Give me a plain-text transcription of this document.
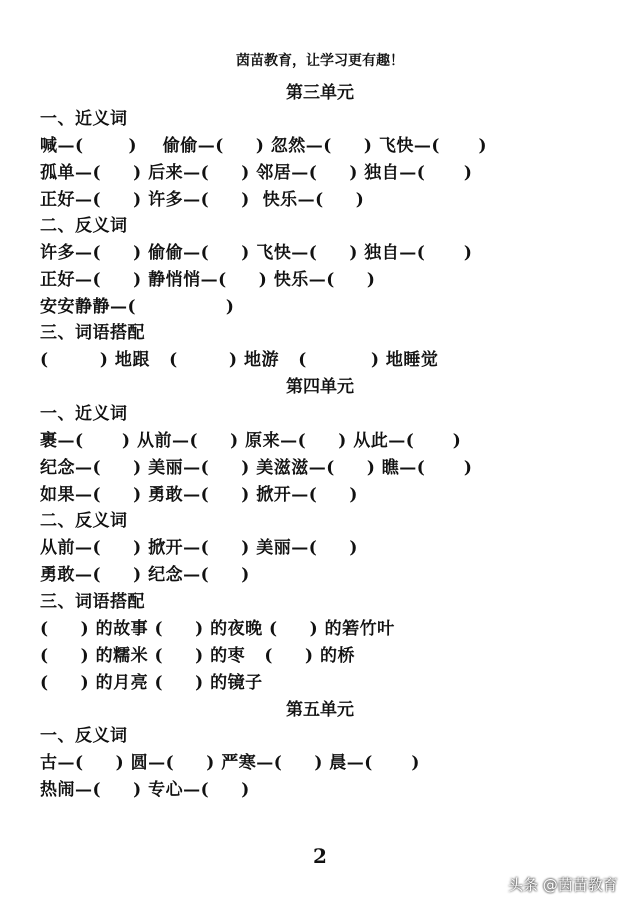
茵苗教育，让学习更有趣！
第三单元
一、近义词
喊—(       )    偷偷—(     ) 忽然—(     ) 飞快—(      )
孤单—(     ) 后来—(     ) 邻居—(     ) 独自—(      )
正好—(     ) 许多—(     )  快乐—(     )
二、反义词
许多—(     ) 偷偷—(     ) 飞快—(     ) 独自—(      )
正好—(     ) 静悄悄—(     ) 快乐—(     )
安安静静—(              )
三、词语搭配
(        ) 地跟   (        ) 地游   (          ) 地睡觉
第四单元
一、近义词
裹—(      ) 从前—(     ) 原来—(     ) 从此—(      )
纪念—(     ) 美丽—(     ) 美滋滋—(     ) 瞧—(      )
如果—(     ) 勇敢—(     ) 掀开—(     )
二、反义词
从前—(     ) 掀开—(     ) 美丽—(     )
勇敢—(     ) 纪念—(     )
三、词语搭配
(     ) 的故事 (     ) 的夜晚 (     ) 的箬竹叶
(     ) 的糯米 (     ) 的枣   (     ) 的桥
(     ) 的月亮 (     ) 的镜子
第五单元
一、反义词
古—(     ) 圆—(     ) 严寒—(     ) 晨—(      )
热闹—(     ) 专心—(     )
2
头条 @茵苗教育
